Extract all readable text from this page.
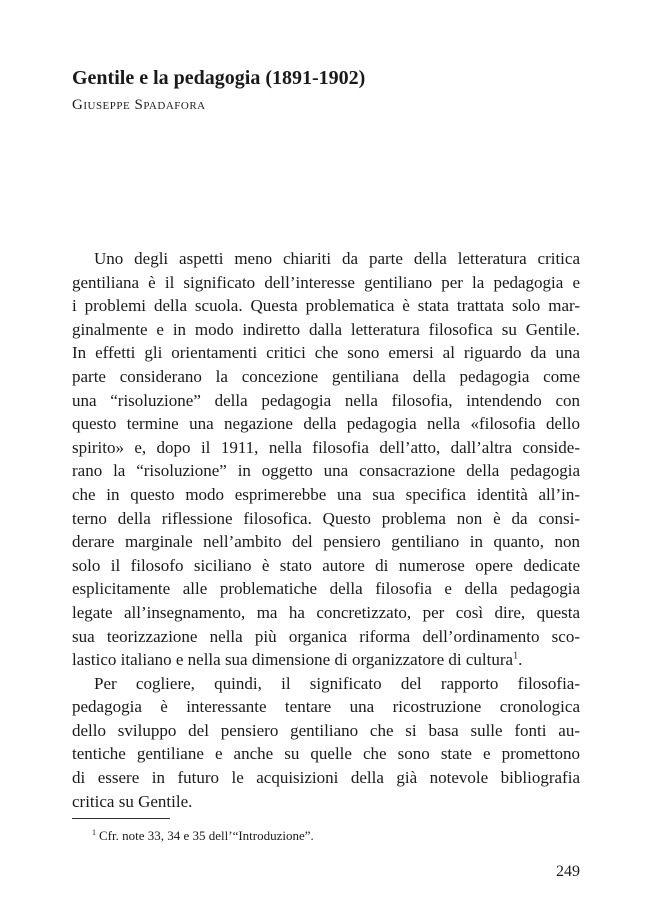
Gentile e la pedagogia (1891-1902)
Giuseppe Spadafora
Uno degli aspetti meno chiariti da parte della letteratura critica
gentiliana è il significato dell’interesse gentiliano per la pedagogia e
i problemi della scuola. Questa problematica è stata trattata solo mar-
ginalmente e in modo indiretto dalla letteratura filosofica su Gentile.
In effetti gli orientamenti critici che sono emersi al riguardo da una
parte considerano la concezione gentiliana della pedagogia come
una “risoluzione” della pedagogia nella filosofia, intendendo con
questo termine una negazione della pedagogia nella «filosofia dello
spirito» e, dopo il 1911, nella filosofia dell’atto, dall’altra conside-
rano la “risoluzione” in oggetto una consacrazione della pedagogia
che in questo modo esprimerebbe una sua specifica identità all’in-
terno della riflessione filosofica. Questo problema non è da consi-
derare marginale nell’ambito del pensiero gentiliano in quanto, non
solo il filosofo siciliano è stato autore di numerose opere dedicate
esplicitamente alle problematiche della filosofia e della pedagogia
legate all’insegnamento, ma ha concretizzato, per così dire, questa
sua teorizzazione nella più organica riforma dell’ordinamento sco-
lastico italiano e nella sua dimensione di organizzatore di cultura$^1$.
Per cogliere, quindi, il significato del rapporto filosofia-
pedagogia è interessante tentare una ricostruzione cronologica
dello sviluppo del pensiero gentiliano che si basa sulle fonti au-
tentiche gentiliane e anche su quelle che sono state e promettono
di essere in futuro le acquisizioni della già notevole bibliografia
critica su Gentile.
$^1$ Cfr. note 33, 34 e 35 dell’“Introduzione”.
249
